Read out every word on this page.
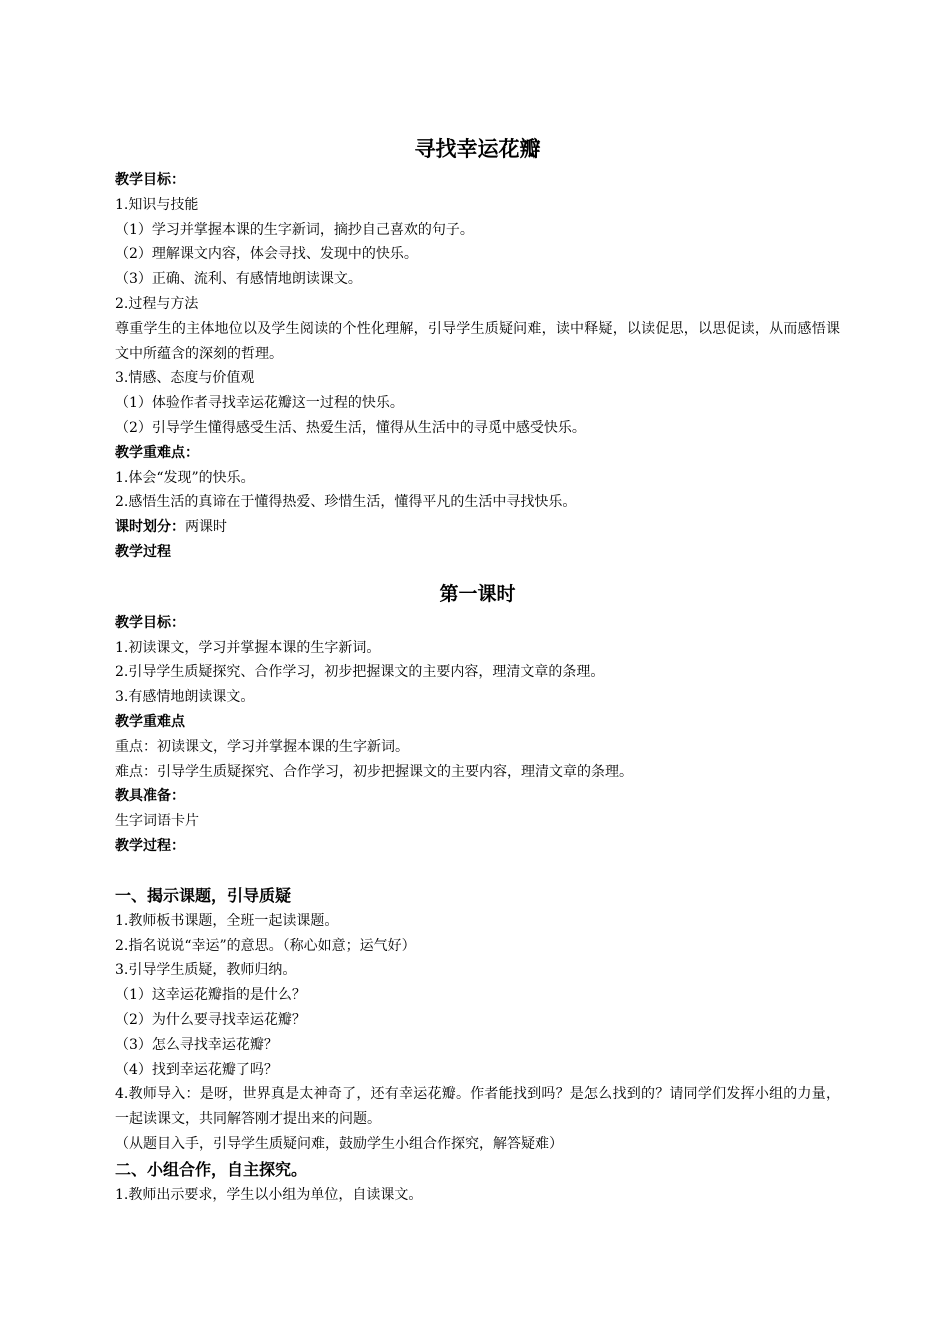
寻找幸运花瓣

教学目标：

1.知识与技能

（1）学习并掌握本课的生字新词，摘抄自己喜欢的句子。

（2）理解课文内容，体会寻找、发现中的快乐。

（3）正确、流利、有感情地朗读课文。

2.过程与方法

尊重学生的主体地位以及学生阅读的个性化理解，引导学生质疑问难，读中释疑，以读促思，以思促读，从而感悟课文中所蕴含的深刻的哲理。

3.情感、态度与价值观

（1）体验作者寻找幸运花瓣这一过程的快乐。

（2）引导学生懂得感受生活、热爱生活，懂得从生活中的寻觅中感受快乐。

教学重难点：

1.体会“发现”的快乐。

2.感悟生活的真谛在于懂得热爱、珍惜生活，懂得平凡的生活中寻找快乐。

课时划分：两课时

教学过程

第一课时

教学目标：

1.初读课文，学习并掌握本课的生字新词。

2.引导学生质疑探究、合作学习，初步把握课文的主要内容，理清文章的条理。

3.有感情地朗读课文。

教学重难点

重点：初读课文，学习并掌握本课的生字新词。

难点：引导学生质疑探究、合作学习，初步把握课文的主要内容，理清文章的条理。

教具准备：

生字词语卡片

教学过程：

一、揭示课题，引导质疑

1.教师板书课题，全班一起读课题。

2.指名说说“幸运”的意思。（称心如意；运气好）

3.引导学生质疑，教师归纳。

（1）这幸运花瓣指的是什么？

（2）为什么要寻找幸运花瓣？

（3）怎么寻找幸运花瓣？

（4）找到幸运花瓣了吗？

4.教师导入：是呀，世界真是太神奇了，还有幸运花瓣。作者能找到吗？是怎么找到的？请同学们发挥小组的力量，一起读课文，共同解答刚才提出来的问题。

（从题目入手，引导学生质疑问难，鼓励学生小组合作探究，解答疑难）

二、小组合作，自主探究。

1.教师出示要求，学生以小组为单位，自读课文。
